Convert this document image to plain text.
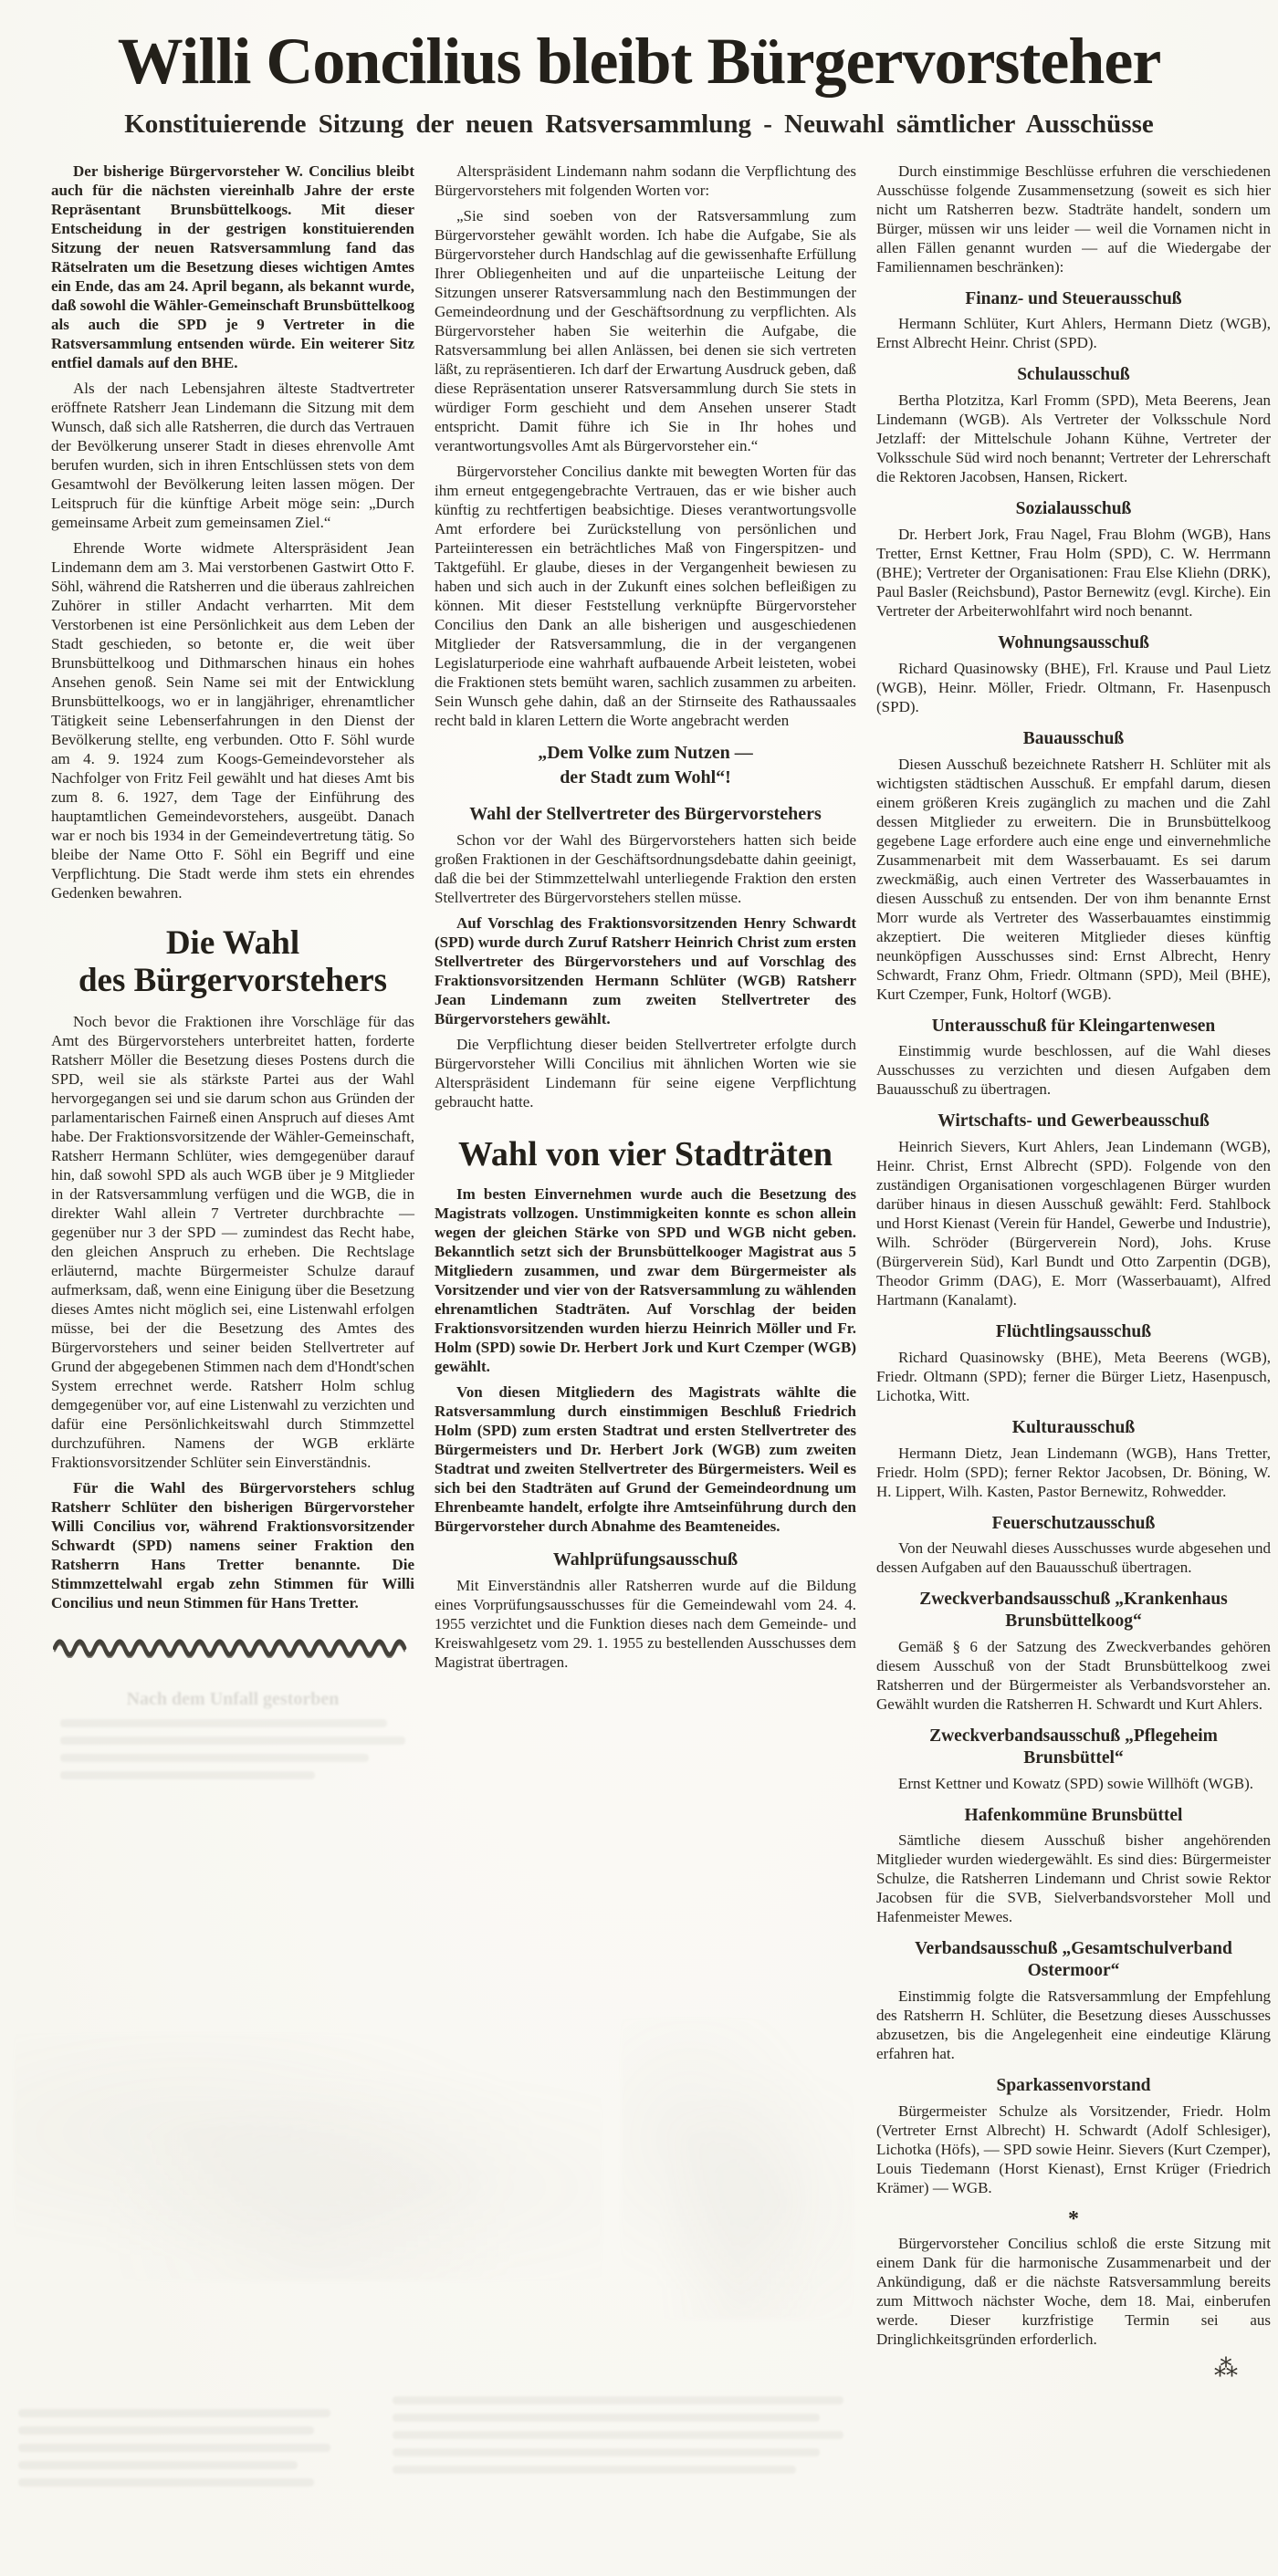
Willi Concilius bleibt Bürgervorsteher
Konstituierende Sitzung der neuen Ratsversammlung - Neuwahl sämtlicher Ausschüsse

Der bisherige Bürgervorsteher W. Concilius bleibt auch für die nächsten viereinhalb Jahre der erste Repräsentant Brunsbüttelkoogs. Mit dieser Entscheidung in der gestrigen konstituierenden Sitzung der neuen Ratsversammlung fand das Rätselraten um die Besetzung dieses wichtigen Amtes ein Ende, das am 24. April begann, als bekannt wurde, daß sowohl die Wähler-Gemeinschaft Brunsbüttelkoog als auch die SPD je 9 Vertreter in die Ratsversammlung entsenden würde. Ein weiterer Sitz entfiel damals auf den BHE.

Als der nach Lebensjahren älteste Stadtvertreter eröffnete Ratsherr Jean Lindemann die Sitzung mit dem Wunsch, daß sich alle Ratsherren, die durch das Vertrauen der Bevölkerung unserer Stadt in dieses ehrenvolle Amt berufen wurden, sich in ihren Entschlüssen stets von dem Gesamtwohl der Bevölkerung leiten lassen mögen. Der Leitspruch für die künftige Arbeit möge sein: „Durch gemeinsame Arbeit zum gemeinsamen Ziel.“

Ehrende Worte widmete Alterspräsident Jean Lindemann dem am 3. Mai verstorbenen Gastwirt Otto F. Söhl, während die Ratsherren und die überaus zahlreichen Zuhörer in stiller Andacht verharrten. Mit dem Verstorbenen ist eine Persönlichkeit aus dem Leben der Stadt geschieden, so betonte er, die weit über Brunsbüttelkoog und Dithmarschen hinaus ein hohes Ansehen genoß. Sein Name sei mit der Entwicklung Brunsbüttelkoogs, wo er in langjähriger, ehrenamtlicher Tätigkeit seine Lebenserfahrungen in den Dienst der Bevölkerung stellte, eng verbunden. Otto F. Söhl wurde am 4. 9. 1924 zum Koogs-Gemeindevorsteher als Nachfolger von Fritz Feil gewählt und hat dieses Amt bis zum 8. 6. 1927, dem Tage der Einführung des hauptamtlichen Gemeindevorstehers, ausgeübt. Danach war er noch bis 1934 in der Gemeindevertretung tätig. So bleibe der Name Otto F. Söhl ein Begriff und eine Verpflichtung. Die Stadt werde ihm stets ein ehrendes Gedenken bewahren.

Die Wahl
des Bürgervorstehers

Noch bevor die Fraktionen ihre Vorschläge für das Amt des Bürgervorstehers unterbreitet hatten, forderte Ratsherr Möller die Besetzung dieses Postens durch die SPD, weil sie als stärkste Partei aus der Wahl hervorgegangen sei und sie darum schon aus Gründen der parlamentarischen Fairneß einen Anspruch auf dieses Amt habe. Der Fraktionsvorsitzende der Wähler-Gemeinschaft, Ratsherr Hermann Schlüter, wies demgegenüber darauf hin, daß sowohl SPD als auch WGB über je 9 Mitglieder in der Ratsversammlung verfügen und die WGB, die in direkter Wahl allein 7 Vertreter durchbrachte — gegenüber nur 3 der SPD — zumindest das Recht habe, den gleichen Anspruch zu erheben. Die Rechtslage erläuternd, machte Bürgermeister Schulze darauf aufmerksam, daß, wenn eine Einigung über die Besetzung dieses Amtes nicht möglich sei, eine Listenwahl erfolgen müsse, bei der die Besetzung des Amtes des Bürgervorstehers und seiner beiden Stellvertreter auf Grund der abgegebenen Stimmen nach dem d'Hondt'schen System errechnet werde. Ratsherr Holm schlug demgegenüber vor, auf eine Listenwahl zu verzichten und dafür eine Persönlichkeitswahl durch Stimmzettel durchzuführen. Namens der WGB erklärte Fraktionsvorsitzender Schlüter sein Einverständnis.

Für die Wahl des Bürgervorstehers schlug Ratsherr Schlüter den bisherigen Bürgervorsteher Willi Concilius vor, während Fraktionsvorsitzender Schwardt (SPD) namens seiner Fraktion den Ratsherrn Hans Tretter benannte. Die Stimmzettelwahl ergab zehn Stimmen für Willi Concilius und neun Stimmen für Hans Tretter.

Nach dem Unfall gestorben

Alterspräsident Lindemann nahm sodann die Verpflichtung des Bürgervorstehers mit folgenden Worten vor:

„Sie sind soeben von der Ratsversammlung zum Bürgervorsteher gewählt worden. Ich habe die Aufgabe, Sie als Bürgervorsteher durch Handschlag auf die gewissenhafte Erfüllung Ihrer Obliegenheiten und auf die unparteiische Leitung der Sitzungen unserer Ratsversammlung nach den Bestimmungen der Gemeindeordnung und der Geschäftsordnung zu verpflichten. Als Bürgervorsteher haben Sie weiterhin die Aufgabe, die Ratsversammlung bei allen Anlässen, bei denen sie sich vertreten läßt, zu repräsentieren. Ich darf der Erwartung Ausdruck geben, daß diese Repräsentation unserer Ratsversammlung durch Sie stets in würdiger Form geschieht und dem Ansehen unserer Stadt entspricht. Damit führe ich Sie in Ihr hohes und verantwortungsvolles Amt als Bürgervorsteher ein.“

Bürgervorsteher Concilius dankte mit bewegten Worten für das ihm erneut entgegengebrachte Vertrauen, das er wie bisher auch künftig zu rechtfertigen beabsichtige. Dieses verantwortungsvolle Amt erfordere bei Zurückstellung von persönlichen und Parteiinteressen ein beträchtliches Maß von Fingerspitzen- und Taktgefühl. Er glaube, dieses in der Vergangenheit bewiesen zu haben und sich auch in der Zukunft eines solchen befleißigen zu können. Mit dieser Feststellung verknüpfte Bürgervorsteher Concilius den Dank an alle bisherigen und ausgeschiedenen Mitglieder der Ratsversammlung, die in der vergangenen Legislaturperiode eine wahrhaft aufbauende Arbeit leisteten, wobei die Fraktionen stets bemüht waren, sachlich zusammen zu arbeiten. Sein Wunsch gehe dahin, daß an der Stirnseite des Rathaussaales recht bald in klaren Lettern die Worte angebracht werden

„Dem Volke zum Nutzen —
der Stadt zum Wohl“!
Wahl der Stellvertreter des Bürgervorstehers

Schon vor der Wahl des Bürgervorstehers hatten sich beide großen Fraktionen in der Geschäftsordnungsdebatte dahin geeinigt, daß die bei der Stimmzettelwahl unterliegende Fraktion den ersten Stellvertreter des Bürgervorstehers stellen müsse.

Auf Vorschlag des Fraktionsvorsitzenden Henry Schwardt (SPD) wurde durch Zuruf Ratsherr Heinrich Christ zum ersten Stellvertreter des Bürgervorstehers und auf Vorschlag des Fraktionsvorsitzenden Hermann Schlüter (WGB) Ratsherr Jean Lindemann zum zweiten Stellvertreter des Bürgervorstehers gewählt.

Die Verpflichtung dieser beiden Stellvertreter erfolgte durch Bürgervorsteher Willi Concilius mit ähnlichen Worten wie sie Alterspräsident Lindemann für seine eigene Verpflichtung gebraucht hatte.

Wahl von vier Stadträten

Im besten Einvernehmen wurde auch die Besetzung des Magistrats vollzogen. Unstimmigkeiten konnte es schon allein wegen der gleichen Stärke von SPD und WGB nicht geben. Bekanntlich setzt sich der Brunsbüttelkooger Magistrat aus 5 Mitgliedern zusammen, und zwar dem Bürgermeister als Vorsitzender und vier von der Ratsversammlung zu wählenden ehrenamtlichen Stadträten. Auf Vorschlag der beiden Fraktionsvorsitzenden wurden hierzu Heinrich Möller und Fr. Holm (SPD) sowie Dr. Herbert Jork und Kurt Czemper (WGB) gewählt.

Von diesen Mitgliedern des Magistrats wählte die Ratsversammlung durch einstimmigen Beschluß Friedrich Holm (SPD) zum ersten Stadtrat und ersten Stellvertreter des Bürgermeisters und Dr. Herbert Jork (WGB) zum zweiten Stadtrat und zweiten Stellvertreter des Bürgermeisters. Weil es sich bei den Stadträten auf Grund der Gemeindeordnung um Ehrenbeamte handelt, erfolgte ihre Amtseinführung durch den Bürgervorsteher durch Abnahme des Beamteneides.

Wahlprüfungsausschuß

Mit Einverständnis aller Ratsherren wurde auf die Bildung eines Vorprüfungsausschusses für die Gemeindewahl vom 24. 4. 1955 verzichtet und die Funktion dieses nach dem Gemeinde- und Kreiswahlgesetz vom 29. 1. 1955 zu bestellenden Ausschusses dem Magistrat übertragen.

Durch einstimmige Beschlüsse erfuhren die verschiedenen Ausschüsse folgende Zusammensetzung (soweit es sich hier nicht um Ratsherren bezw. Stadträte handelt, sondern um Bürger, müssen wir uns leider — weil die Vornamen nicht in allen Fällen genannt wurden — auf die Wiedergabe der Familiennamen beschränken):

Finanz- und Steuerausschuß

Hermann Schlüter, Kurt Ahlers, Hermann Dietz (WGB), Ernst Albrecht Heinr. Christ (SPD).

Schulausschuß

Bertha Plotzitza, Karl Fromm (SPD), Meta Beerens, Jean Lindemann (WGB). Als Vertreter der Volksschule Nord Jetzlaff: der Mittelschule Johann Kühne, Vertreter der Volksschule Süd wird noch benannt; Vertreter der Lehrerschaft die Rektoren Jacobsen, Hansen, Rickert.

Sozialausschuß

Dr. Herbert Jork, Frau Nagel, Frau Blohm (WGB), Hans Tretter, Ernst Kettner, Frau Holm (SPD), C. W. Herrmann (BHE); Vertreter der Organisationen: Frau Else Kliehn (DRK), Paul Basler (Reichsbund), Pastor Bernewitz (evgl. Kirche). Ein Vertreter der Arbeiterwohlfahrt wird noch benannt.

Wohnungsausschuß

Richard Quasinowsky (BHE), Frl. Krause und Paul Lietz (WGB), Heinr. Möller, Friedr. Oltmann, Fr. Hasenpusch (SPD).

Bauausschuß

Diesen Ausschuß bezeichnete Ratsherr H. Schlüter mit als wichtigsten städtischen Ausschuß. Er empfahl darum, diesen einem größeren Kreis zugänglich zu machen und die Zahl dessen Mitglieder zu erweitern. Die in Brunsbüttelkoog gegebene Lage erfordere auch eine enge und einvernehmliche Zusammenarbeit mit dem Wasserbauamt. Es sei darum zweckmäßig, auch einen Vertreter des Wasserbauamtes in diesen Ausschuß zu entsenden. Der von ihm benannte Ernst Morr wurde als Vertreter des Wasserbauamtes einstimmig akzeptiert. Die weiteren Mitglieder dieses künftig neunköpfigen Ausschusses sind: Ernst Albrecht, Henry Schwardt, Franz Ohm, Friedr. Oltmann (SPD), Meil (BHE), Kurt Czemper, Funk, Holtorf (WGB).

Unterausschuß für Kleingartenwesen

Einstimmig wurde beschlossen, auf die Wahl dieses Ausschusses zu verzichten und diesen Aufgaben dem Bauausschuß zu übertragen.

Wirtschafts- und Gewerbeausschuß

Heinrich Sievers, Kurt Ahlers, Jean Lindemann (WGB), Heinr. Christ, Ernst Albrecht (SPD). Folgende von den zuständigen Organisationen vorgeschlagenen Bürger wurden darüber hinaus in diesen Ausschuß gewählt: Ferd. Stahlbock und Horst Kienast (Verein für Handel, Gewerbe und Industrie), Wilh. Schröder (Bürgerverein Nord), Johs. Kruse (Bürgerverein Süd), Karl Bundt und Otto Zarpentin (DGB), Theodor Grimm (DAG), E. Morr (Wasserbauamt), Alfred Hartmann (Kanalamt).

Flüchtlingsausschuß

Richard Quasinowsky (BHE), Meta Beerens (WGB), Friedr. Oltmann (SPD); ferner die Bürger Lietz, Hasenpusch, Lichotka, Witt.

Kulturausschuß

Hermann Dietz, Jean Lindemann (WGB), Hans Tretter, Friedr. Holm (SPD); ferner Rektor Jacobsen, Dr. Böning, W. H. Lippert, Wilh. Kasten, Pastor Bernewitz, Rohwedder.

Feuerschutzausschuß

Von der Neuwahl dieses Ausschusses wurde abgesehen und dessen Aufgaben auf den Bauausschuß übertragen.

Zweckverbandsausschuß „Krankenhaus Brunsbüttelkoog“

Gemäß § 6 der Satzung des Zweckverbandes gehören diesem Ausschuß von der Stadt Brunsbüttelkoog zwei Ratsherren und der Bürgermeister als Verbandsvorsteher an. Gewählt wurden die Ratsherren H. Schwardt und Kurt Ahlers.

Zweckverbandsausschuß „Pflegeheim Brunsbüttel“

Ernst Kettner und Kowatz (SPD) sowie Willhöft (WGB).

Hafenkommüne Brunsbüttel

Sämtliche diesem Ausschuß bisher angehörenden Mitglieder wurden wiedergewählt. Es sind dies: Bürgermeister Schulze, die Ratsherren Lindemann und Christ sowie Rektor Jacobsen für die SVB, Sielverbandsvorsteher Moll und Hafenmeister Mewes.

Verbandsausschuß „Gesamtschulverband Ostermoor“

Einstimmig folgte die Ratsversammlung der Empfehlung des Ratsherrn H. Schlüter, die Besetzung dieses Ausschusses abzusetzen, bis die Angelegenheit eine eindeutige Klärung erfahren hat.

Sparkassenvorstand

Bürgermeister Schulze als Vorsitzender, Friedr. Holm (Vertreter Ernst Albrecht) H. Schwardt (Adolf Schlesiger), Lichotka (Höfs), — SPD sowie Heinr. Sievers (Kurt Czemper), Louis Tiedemann (Horst Kienast), Ernst Krüger (Friedrich Krämer) — WGB.

*

Bürgervorsteher Concilius schloß die erste Sitzung mit einem Dank für die harmonische Zusammenarbeit und der Ankündigung, daß er die nächste Ratsversammlung bereits zum Mittwoch nächster Woche, dem 18. Mai, einberufen werde. Dieser kurzfristige Termin sei aus Dringlichkeitsgründen erforderlich.

⁂
